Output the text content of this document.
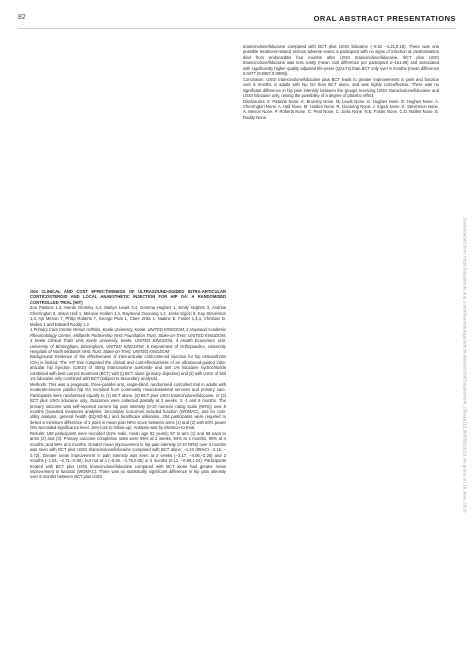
82	ORAL ABSTRACT PRESENTATIONS

triamcinolone/lidocaine compared with BCT plus USGI lidocaine (–0.52 –1.21,0.18). There was one possible treatment-related serious adverse event: a participant with no signs of infection at randomisation died from endocarditis four months after USGI triamcinolone/lidocaine. BCT plus USGI triamcinolone/lidocaine was less costly (mean cost difference per participant £–161.86) and associated with significantly higher quality adjusted life-years (QALYs) than BCT only over 6 months (mean difference 0.0477 (0.0067,0.0909)).

Conclusion: USGI triamcinolone/lidocaine plus BCT leads to greater improvements in pain and function over 6 months in adults with hip OA than BCT alone, and was highly cost-effective. There was no significant difference in hip pain intensity between the groups receiving USGI triamcinolone/lidocaine and USGI lidocaine only, raising the possibility of a degree of placebo effect.

Disclosures: Z. Paskins None. K. Bromley None. M. Lewis None. G. Hughes None. E. Hughes None. A. Cherrington None. A. Hall None. M. Holden None. R. Ooooong None. J. Kigozi None. K. Stevenson None. A. Menon None. P. Roberts None. G. Peat None. C. Jinks None. N.E. Foster None. C.D. Mallen None. E. Roddy None.

O04 CLINICAL AND COST EFFECTIVENESS OF ULTRASOUND-GUIDED INTRA-ARTICULAR CORTICOSTEROID AND LOCAL ANAESTHETIC INJECTION FOR HIP OA: A RANDOMISED CONTROLLED TRIAL (HIT)

Zoe Paskins 1,2, Kieran Bromley 3,4, Martyn Lewis 3,4, Gemma Hughes 1, Emily Hughes 3, Andrew Cherrington 5, Alison Hall 1, Melanie Holden 1,4, Raymond Ooooong 1,2, Jesse Kigozi 6, Kay Stevenson 1,4, Ajit Menon 7, Philip Roberts 7, George Peat 1, Clare Jinks 1, Nadine E. Foster 1,3,4, Christian D. Mallen 1 and Edward Roddy 1,2

1 Primary Care Centre Versus Arthritis, Keele University, Keele, UNITED KINGDOM, 2 Haywood Academic Rheumatology Centre, Midlands Partnership NHS Foundation Trust, Stoke-on-Trent, UNITED KINGDOM, 3 Keele Clinical Trials Unit, Keele University, Keele, UNITED KINGDOM, 4 Health Economics Unit, University of Birmingham, Birmingham, UNITED KINGDOM, 5 Department of Orthopaedics, University Hospitals of North Midlands NHS Trust, Stoke-on-Trent, UNITED KINGDOM

Background: Evidence of the effectiveness of intra-articular corticosteroid injection for hip osteoarthritis (OA) is limited. The HIT trial compared the clinical and cost-effectiveness of an ultrasound-guided intra-articular hip injection (USGI) of 40mg triamcinolone acetonide and 4ml 1% lidocaine hydrochloride combined with best current treatment (BCT) with (i) BCT alone (primary objective) and (ii) with USGI of 5ml 1% lidocaine only combined with BCT (subject to secondary analysis).

Methods: This was a pragmatic, three-parallel arm, single-blind, randomised controlled trial in adults with moderate-severe painful hip OA recruited from community musculoskeletal services and primary care. Participants were randomised equally to (1) BCT alone, (2) BCT plus USGI triamcinolone/lidocaine, or (3) BCT plus USGI lidocaine only. Outcomes were collected postally at 2 weeks, 2, 4 and 6 months. The primary outcome was self-reported current hip pain intensity (0-10 numeric rating scale (NRS)) over 6 months (repeated measures analysis). Secondary outcomes included function (WOMAC), and for cost-utility analysis, general health (EQ-5D-5L) and healthcare utilisation. 204 participants were required to detect a minimum difference of 1 point in mean pain NRS score between arms (1) and (2) with 80% power (5% two-tailed significance level, 15% loss to follow-up). Analysis was by intention-to-treat.

Results: 199 participants were recruited (61% male, mean age 63 years); 67 to arm (1) and 66 each to arms (2) and (3). Primary outcome completion rates were 95% at 2 weeks, 94% at 2 months, 90% at 4 months, and 86% at 6 months. Greater mean improvement in hip pain intensity (0-10 NRS) over 6 months was seen with BCT plus USGI triamcinolone/lidocaine compared with BCT alone: –1.43 (95%CI –2.15, –0.72). Greater mean improvement in pain intensity was seen at 2 weeks (–3.17, –4.06,–2.28) and 2 months (–1.81, –2.71,–0.90), but not at 4 (–0.86, –1.78,0.05) or 6 months (0.12, –0.80,1.04). Participants treated with BCT plus USGI triamcinolone/lidocaine compared with BCT alone had greater mean improvement in function (WOMAC). There was no statistically significant difference in hip pain intensity over 6 months between BCT plus USGI	Downloaded from https://academic.oup.com/rheumatology/article-abstract/59/Supplement_2/keaa111.003/5819221 by guest on 16 June 2020
